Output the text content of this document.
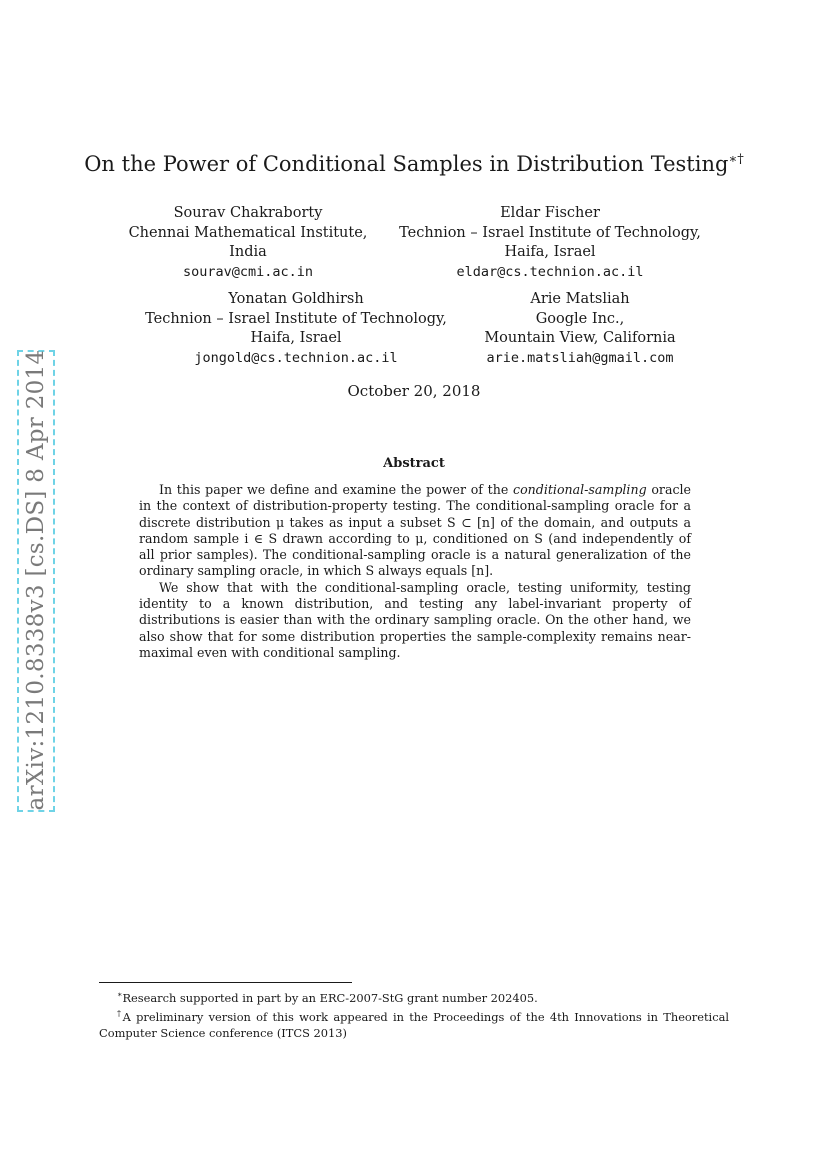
arXiv:1210.8338v3 [cs.DS] 8 Apr 2014
On the Power of Conditional Samples in Distribution Testing∗†
Sourav Chakraborty
Chennai Mathematical Institute,
India
sourav@cmi.ac.in
Eldar Fischer
Technion – Israel Institute of Technology,
Haifa, Israel
eldar@cs.technion.ac.il
Yonatan Goldhirsh
Technion – Israel Institute of Technology,
Haifa, Israel
jongold@cs.technion.ac.il
Arie Matsliah
Google Inc.,
Mountain View, California
arie.matsliah@gmail.com
October 20, 2018
Abstract

In this paper we define and examine the power of the conditional-sampling oracle in the context of distribution-property testing. The conditional-sampling oracle for a discrete distribution μ takes as input a subset S ⊂ [n] of the domain, and outputs a random sample i ∈ S drawn according to μ, conditioned on S (and independently of all prior samples). The conditional-sampling oracle is a natural generalization of the ordinary sampling oracle, in which S always equals [n].

We show that with the conditional-sampling oracle, testing uniformity, testing identity to a known distribution, and testing any label-invariant property of distributions is easier than with the ordinary sampling oracle. On the other hand, we also show that for some distribution properties the sample-complexity remains near-maximal even with conditional sampling.

∗Research supported in part by an ERC-2007-StG grant number 202405.

†A preliminary version of this work appeared in the Proceedings of the 4th Innovations in Theoretical Computer Science conference (ITCS 2013)
